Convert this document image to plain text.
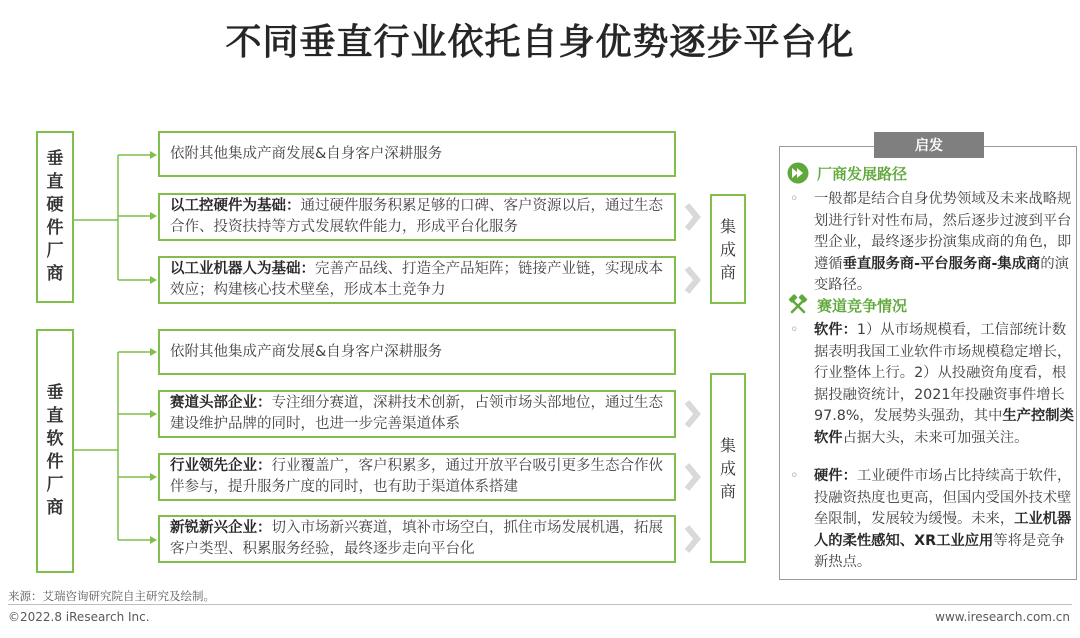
不同垂直行业依托自身优势逐步平台化
垂直硬件厂商
依附其他集成产商发展&自身客户深耕服务
以工控硬件为基础：通过硬件服务积累足够的口碑、客户资源以后，通过生态合作、投资扶持等方式发展软件能力，形成平台化服务
以工业机器人为基础：完善产品线、打造全产品矩阵；链接产业链，实现成本效应；构建核心技术壁垒，形成本土竞争力
集成商
垂直软件厂商
依附其他集成产商发展&自身客户深耕服务
赛道头部企业：专注细分赛道，深耕技术创新，占领市场头部地位，通过生态建设维护品牌的同时，也进一步完善渠道体系
行业领先企业：行业覆盖广，客户积累多，通过开放平台吸引更多生态合作伙伴参与，提升服务广度的同时，也有助于渠道体系搭建
新锐新兴企业：切入市场新兴赛道，填补市场空白，抓住市场发展机遇，拓展客户类型、积累服务经验，最终逐步走向平台化
集成商
启发
厂商发展路径
◦ 一般都是结合自身优势领域及未来战略规划进行针对性布局，然后逐步过渡到平台型企业，最终逐步扮演集成商的角色，即遵循垂直服务商-平台服务商-集成商的演变路径。
赛道竞争情况
◦ 软件：1）从市场规模看，工信部统计数据表明我国工业软件市场规模稳定增长，行业整体上行。2）从投融资角度看，根据投融资统计，2021年投融资事件增长97.8%，发展势头强劲，其中生产控制类软件占据大头，未来可加强关注。
◦ 硬件：工业硬件市场占比持续高于软件，投融资热度也更高，但国内受国外技术壁垒限制，发展较为缓慢。未来，工业机器人的柔性感知、XR工业应用等将是竞争新热点。
来源：艾瑞咨询研究院自主研究及绘制。
©2022.8 iResearch Inc.	www.iresearch.com.cn
